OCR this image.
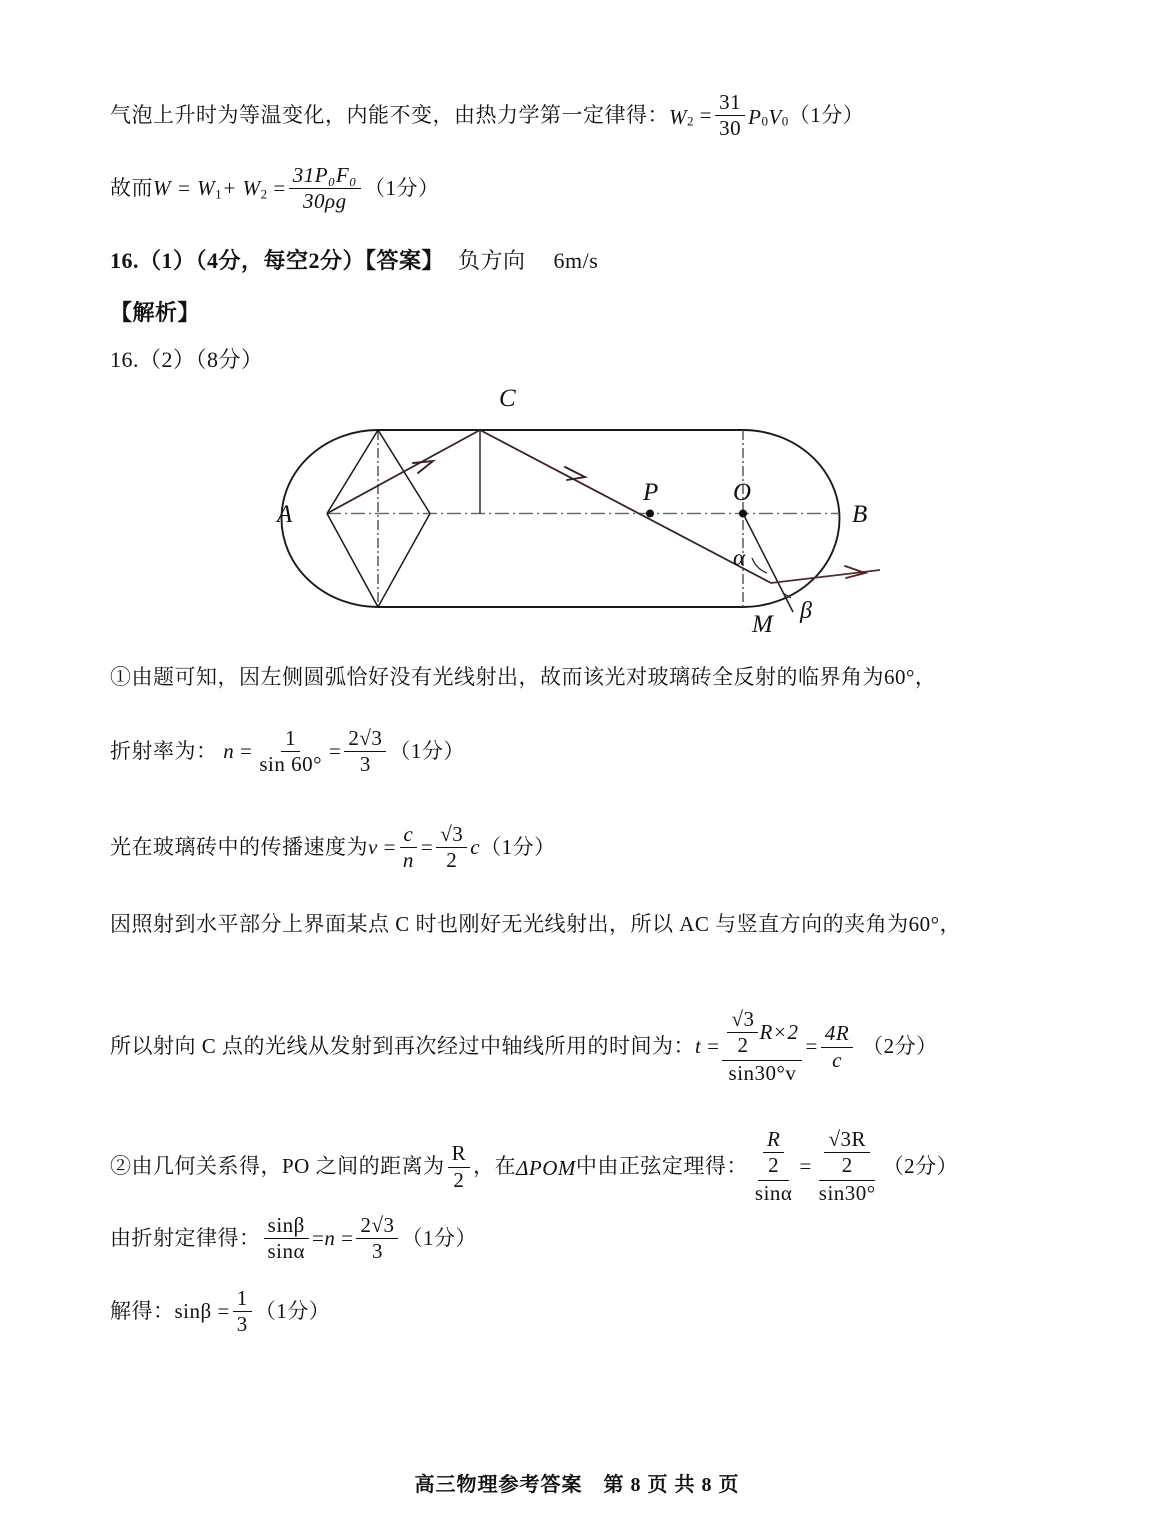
气泡上升时为等温变化，内能不变，由热力学第一定律得：$W_2 = \frac{31}{30} P_0V_0(1$分）
故而$W = W_1+ W_2 = \frac{\text{31P₀F₀}}{30\rho g} (1$分）
16.（1）（4分，每空2分）【答案】 负方向 6m/s
【解析】
16.（2）（8分）
C
A	B
P	O
M
α
β
①由题可知，因左侧圆弧恰好没有光线射出，故而该光对玻璃砖全反射的临界角为60°，
折射率为： $n = \frac{1}{\sin 60^\circ} = \frac{2√3}{3} (1$分）
光在玻璃砖中的传播速度为$v = \frac{c}{n} = \frac{√3}{2} c(1$分）
因照射到水平部分上界面某点 C 时也刚好无光线射出，所以 AC 与竖直方向的夹角为60°，
所以射向 C 点的光线从发射到再次经过中轴线所用的时间为：$t = \frac{\frac{√3}{2} R\times 2}{\sin 30^\circ v} = \frac{4R}{c} (2$分）
②由几何关系得，PO 之间的距离为 $\frac{R}{2}$ ，在ΔPOM中由正弦定理得： $\frac{\frac{R}{2}}{\sin\alpha} = \frac{\frac{√3R}{2}}{\sin 30^\circ} (2$分）
由折射定律得： $\frac{\sin\beta}{\sin\alpha} =n = \frac{2√3}{3} (1$分）
解得：$\sin\beta = \frac{1}{3} (1$分）
高三物理参考答案　第 8 页 共 8 页
